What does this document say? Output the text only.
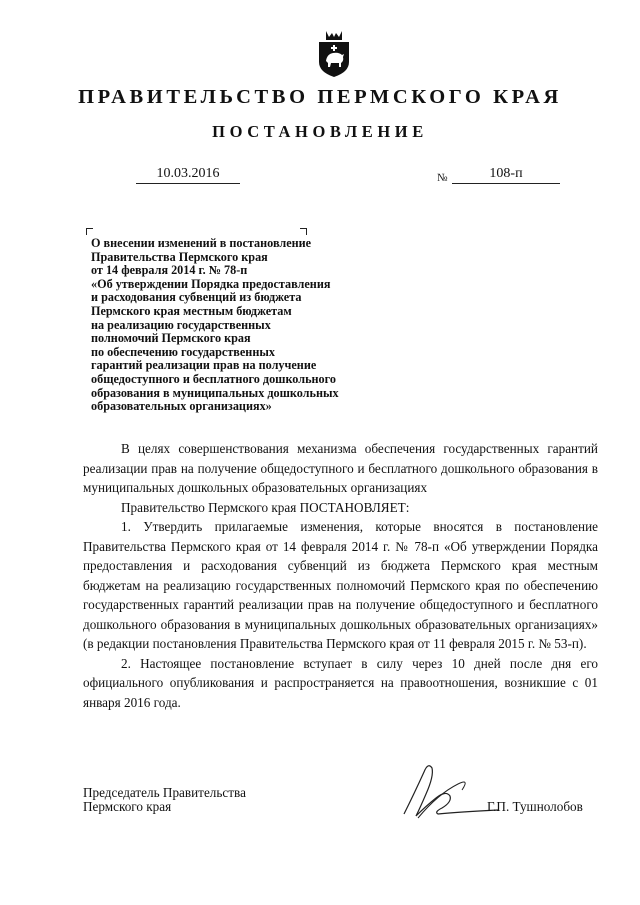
ПРАВИТЕЛЬСТВО ПЕРМСКОГО КРАЯ
ПОСТАНОВЛЕНИЕ
10.03.2016	№	108-п
О внесении изменений в постановление
Правительства Пермского края
от 14 февраля 2014 г. № 78-п
«Об утверждении Порядка предоставления
и расходования субвенций из бюджета
Пермского края местным бюджетам
на реализацию государственных
полномочий Пермского края
по обеспечению государственных
гарантий реализации прав на получение
общедоступного и бесплатного дошкольного
образования в муниципальных дошкольных
образовательных организациях»

В целях совершенствования механизма обеспечения государственных гарантий реализации прав на получение общедоступного и бесплатного дошкольного образования в муниципальных дошкольных образовательных организациях

Правительство Пермского края ПОСТАНОВЛЯЕТ:

1. Утвердить прилагаемые изменения, которые вносятся в постановление Правительства Пермского края от 14 февраля 2014 г. № 78-п «Об утверждении Порядка предоставления и расходования субвенций из бюджета Пермского края местным бюджетам на реализацию государственных полномочий Пермского края по обеспечению государственных гарантий реализации прав на получение общедоступного и бесплатного дошкольного образования в муниципальных дошкольных образовательных организациях» (в редакции постановления Правительства Пермского края от 11 февраля 2015 г. № 53-п).

2. Настоящее постановление вступает в силу через 10 дней после дня его официального опубликования и распространяется на правоотношения, возникшие с 01 января 2016 года.

Председатель Правительства
Пермского края	Г.П. Тушнолобов
